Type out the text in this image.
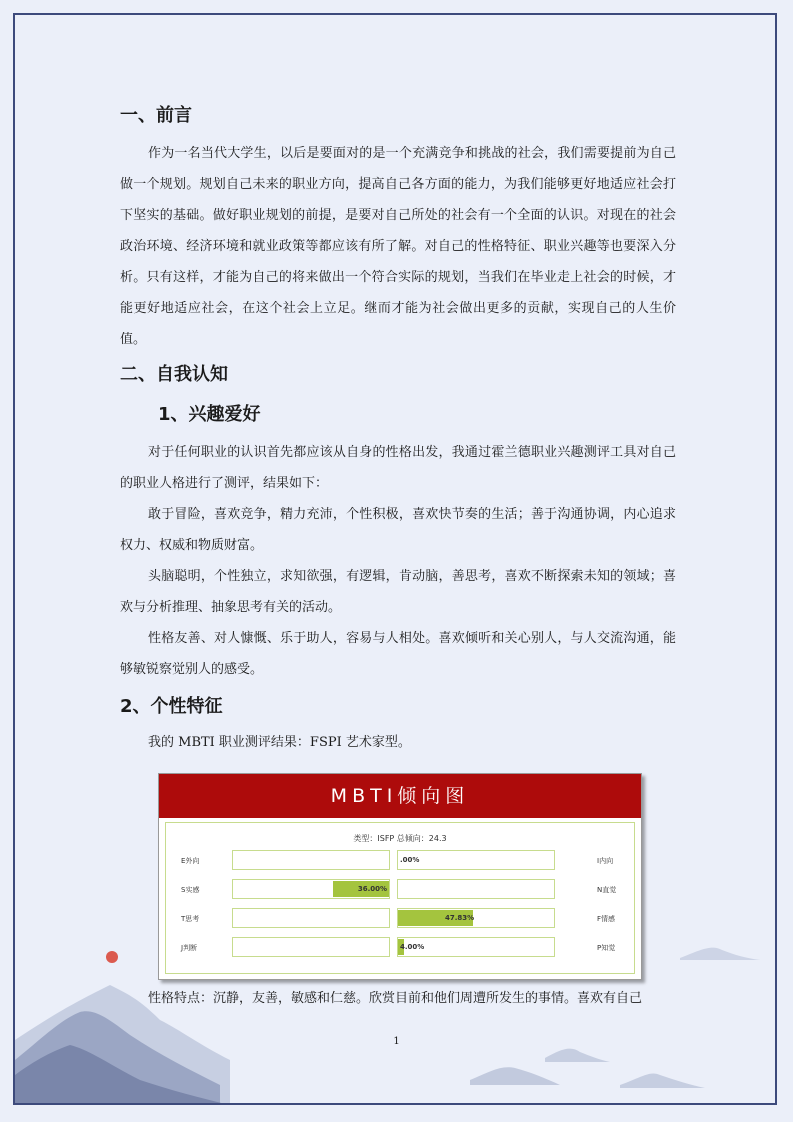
一、前言

作为一名当代大学生，以后是要面对的是一个充满竞争和挑战的社会，我们需要提前为自己做一个规划。规划自己未来的职业方向，提高自己各方面的能力，为我们能够更好地适应社会打下坚实的基础。做好职业规划的前提，是要对自己所处的社会有一个全面的认识。对现在的社会政治环境、经济环境和就业政策等都应该有所了解。对自己的性格特征、职业兴趣等也要深入分析。只有这样，才能为自己的将来做出一个符合实际的规划，当我们在毕业走上社会的时候，才能更好地适应社会，在这个社会上立足。继而才能为社会做出更多的贡献，实现自己的人生价值。

二、自我认知
1、兴趣爱好

对于任何职业的认识首先都应该从自身的性格出发，我通过霍兰德职业兴趣测评工具对自己的职业人格进行了测评，结果如下：

敢于冒险，喜欢竞争，精力充沛，个性积极，喜欢快节奏的生活；善于沟通协调，内心追求权力、权威和物质财富。

头脑聪明，个性独立，求知欲强，有逻辑，肯动脑，善思考，喜欢不断探索未知的领域；喜欢与分析推理、抽象思考有关的活动。

性格友善、对人慷慨、乐于助人，容易与人相处。喜欢倾听和关心别人，与人交流沟通，能够敏锐察觉别人的感受。

2、个性特征

我的 MBTI 职业测评结果：FSPI 艺术家型。

MBTI倾向图
类型：ISFP 总倾向：24.3
E外向	.00%	I内向
S实感	36.00%	N直觉
T思考	47.83%	F情感
J判断	4.00%	P知觉

性格特点：沉静，友善，敏感和仁慈。欣赏目前和他们周遭所发生的事情。喜欢有自己

1
